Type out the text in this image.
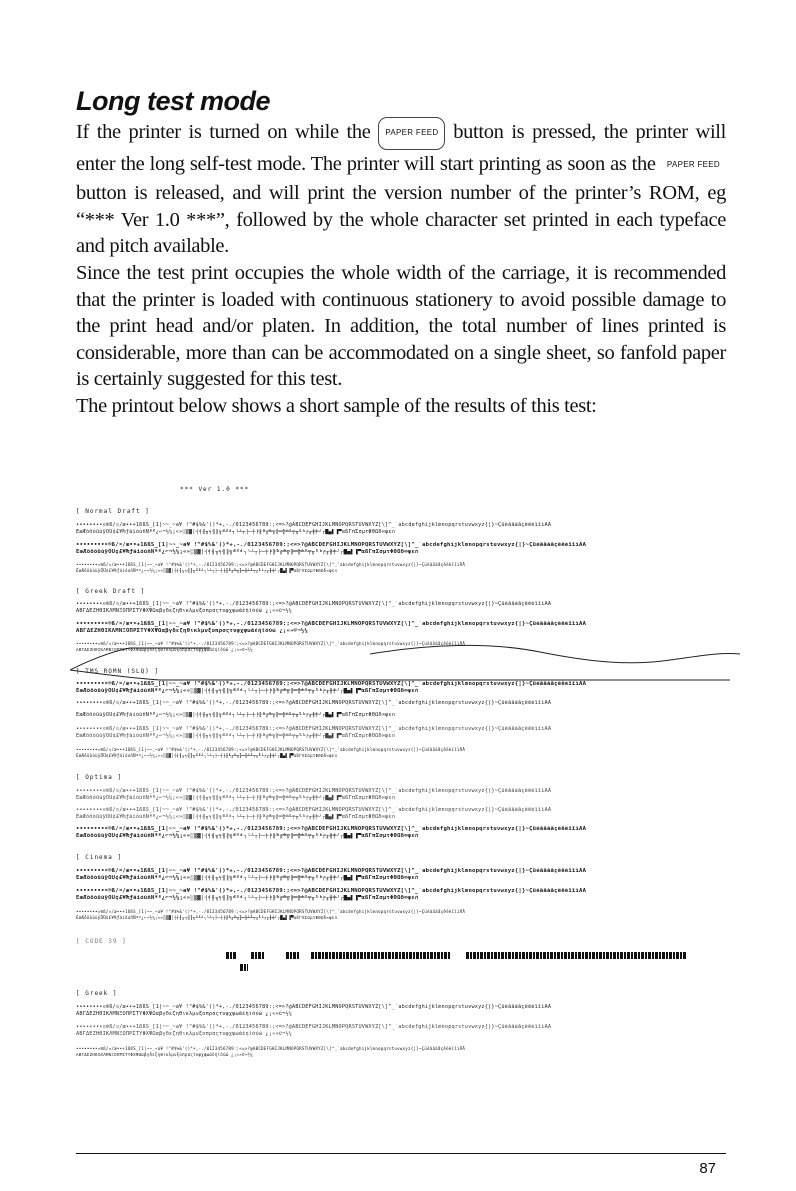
Long test mode

If the printer is turned on while the PAPER FEED button is pressed, the printer will enter the long self-test mode. The printer will start printing as soon as the PAPER FEED button is released, and will print the version number of the printer’s ROM, eg “*** Ver 1.0 ***”, followed by the whole character set printed in each typeface and pitch available.

Since the test print occupies the whole width of the carriage, it is recommended that the printer is loaded with continuous stationery to avoid possible damage to the print head and/or platen. In addition, the total number of lines printed is considerable, more than can be accommodated on a single sheet, so fanfold paper is certainly suggested for this test.

The printout below shows a short sample of the results of this test:

*** Ver 1.0 ***
[ Normal Draft ]
••••••••¤®ß/¤/æ••+1ßßS_[1|~~_~a¥ !"#$%&'()*+,-./0123456789:;<=>?@ABCDEFGHIJKLMNOPQRSTUVWXYZ[\]^_`abcdefghijklmnopqrstuvwxyz{|}~ÇüéâäàåçêëèïîìÄÅ
ÉæÆôöòûùÿÖÜ¢£¥₧ƒáíóúñÑªº¿⌐¬½¼¡«»░▒▓│┤╡╢╖╕╣║╗╝╜╛┐└┴┬├─┼╞╟╚╔╩╦╠═╬╧╨╤╥╙╘╒╓╫╪┘┌█▄▌▐▀αßΓπΣσµτΦΘΩδ∞φε∩
••••••••¤®ß/¤/æ••+1ßßS_[1|~~_~a¥ !"#$%&'()*+,-./0123456789:;<=>?@ABCDEFGHIJKLMNOPQRSTUVWXYZ[\]^_`abcdefghijklmnopqrstuvwxyz{|}~ÇüéâäàåçêëèïîìÄÅ
ÉæÆôöòûùÿÖÜ¢£¥₧ƒáíóúñÑªº¿⌐¬½¼¡«»░▒▓│┤╡╢╖╕╣║╗╝╜╛┐└┴┬├─┼╞╟╚╔╩╦╠═╬╧╨╤╥╙╘╒╓╫╪┘┌█▄▌▐▀αßΓπΣσµτΦΘΩδ∞φε∩
••••••••¤®ß/¤/æ••+1ßßS_[1|~~_~a¥ !"#$%&'()*+,-./0123456789:;<=>?@ABCDEFGHIJKLMNOPQRSTUVWXYZ[\]^_`abcdefghijklmnopqrstuvwxyz{|}~ÇüéâäàåçêëèïîìÄÅ
ÉæÆôöòûùÿÖÜ¢£¥₧ƒáíóúñÑªº¿⌐¬½¼¡«»░▒▓│┤╡╢╖╕╣║╗╝╜╛┐└┴┬├─┼╞╟╚╔╩╦╠═╬╧╨╤╥╙╘╒╓╫╪┘┌█▄▌▐▀αßΓπΣσµτΦΘΩδ∞φε∩
[ Greek Draft ]
••••••••¤®ß/¤/æ••+1ßßS_[1|~~_~a¥ !"#$%&'()*+,-./0123456789:;<=>?@ABCDEFGHIJKLMNOPQRSTUVWXYZ[\]^_`abcdefghijklmnopqrstuvwxyz{|}~ÇüéâäàåçêëèïîìÄÅ
ΑΒΓΔΕΖΗΘΙΚΛΜΝΞΟΠΡΣΤΥΦΧΨΩαβγδεζηθικλμνξοπρσςτυφχψωάέήίόύώ ¿¡«»©¬½¼
••••••••¤®ß/¤/æ••+1ßßS_[1|~~_~a¥ !"#$%&'()*+,-./0123456789:;<=>?@ABCDEFGHIJKLMNOPQRSTUVWXYZ[\]^_`abcdefghijklmnopqrstuvwxyz{|}~ÇüéâäàåçêëèïîìÄÅ
ΑΒΓΔΕΖΗΘΙΚΛΜΝΞΟΠΡΣΤΥΦΧΨΩαβγδεζηθικλμνξοπρσςτυφχψωάέήίόύώ ¿¡«»©¬½¼
••••••••¤®ß/¤/æ••+1ßßS_[1|~~_~a¥ !"#$%&'()*+,-./0123456789:;<=>?@ABCDEFGHIJKLMNOPQRSTUVWXYZ[\]^_`abcdefghijklmnopqrstuvwxyz{|}~ÇüéâäàåçêëèïîìÄÅ
ΑΒΓΔΕΖΗΘΙΚΛΜΝΞΟΠΡΣΤΥΦΧΨΩαβγδεζηθικλμνξοπρσςτυφχψωάέήίόύώ ¿¡«»©¬½¼
[ TMS ROMN (SLQ) ]
••••••••¤®ß/¤/æ••+1ßßS_[1|~~_~a¥ !"#$%&'()*+,-./0123456789:;<=>?@ABCDEFGHIJKLMNOPQRSTUVWXYZ[\]^_`abcdefghijklmnopqrstuvwxyz{|}~ÇüéâäàåçêëèïîìÄÅ
ÉæÆôöòûùÿÖÜ¢£¥₧ƒáíóúñÑªº¿⌐¬½¼¡«»░▒▓│┤╡╢╖╕╣║╗╝╜╛┐└┴┬├─┼╞╟╚╔╩╦╠═╬╧╨╤╥╙╘╒╓╫╪┘┌█▄▌▐▀αßΓπΣσµτΦΘΩδ∞φε∩
••••••••¤®ß/¤/æ••+1ßßS_[1|~~_~a¥ !"#$%&'()*+,-./0123456789:;<=>?@ABCDEFGHIJKLMNOPQRSTUVWXYZ[\]^_`abcdefghijklmnopqrstuvwxyz{|}~ÇüéâäàåçêëèïîìÄÅ
ÉæÆôöòûùÿÖÜ¢£¥₧ƒáíóúñÑªº¿⌐¬½¼¡«»░▒▓│┤╡╢╖╕╣║╗╝╜╛┐└┴┬├─┼╞╟╚╔╩╦╠═╬╧╨╤╥╙╘╒╓╫╪┘┌█▄▌▐▀αßΓπΣσµτΦΘΩδ∞φε∩
••••••••¤®ß/¤/æ••+1ßßS_[1|~~_~a¥ !"#$%&'()*+,-./0123456789:;<=>?@ABCDEFGHIJKLMNOPQRSTUVWXYZ[\]^_`abcdefghijklmnopqrstuvwxyz{|}~ÇüéâäàåçêëèïîìÄÅ
ÉæÆôöòûùÿÖÜ¢£¥₧ƒáíóúñÑªº¿⌐¬½¼¡«»░▒▓│┤╡╢╖╕╣║╗╝╜╛┐└┴┬├─┼╞╟╚╔╩╦╠═╬╧╨╤╥╙╘╒╓╫╪┘┌█▄▌▐▀αßΓπΣσµτΦΘΩδ∞φε∩
••••••••¤®ß/¤/æ••+1ßßS_[1|~~_~a¥ !"#$%&'()*+,-./0123456789:;<=>?@ABCDEFGHIJKLMNOPQRSTUVWXYZ[\]^_`abcdefghijklmnopqrstuvwxyz{|}~ÇüéâäàåçêëèïîìÄÅ
ÉæÆôöòûùÿÖÜ¢£¥₧ƒáíóúñÑªº¿⌐¬½¼¡«»░▒▓│┤╡╢╖╕╣║╗╝╜╛┐└┴┬├─┼╞╟╚╔╩╦╠═╬╧╨╤╥╙╘╒╓╫╪┘┌█▄▌▐▀αßΓπΣσµτΦΘΩδ∞φε∩
[ Optima ]
••••••••¤®ß/¤/æ••+1ßßS_[1|~~_~a¥ !"#$%&'()*+,-./0123456789:;<=>?@ABCDEFGHIJKLMNOPQRSTUVWXYZ[\]^_`abcdefghijklmnopqrstuvwxyz{|}~ÇüéâäàåçêëèïîìÄÅ
ÉæÆôöòûùÿÖÜ¢£¥₧ƒáíóúñÑªº¿⌐¬½¼¡«»░▒▓│┤╡╢╖╕╣║╗╝╜╛┐└┴┬├─┼╞╟╚╔╩╦╠═╬╧╨╤╥╙╘╒╓╫╪┘┌█▄▌▐▀αßΓπΣσµτΦΘΩδ∞φε∩
••••••••¤®ß/¤/æ••+1ßßS_[1|~~_~a¥ !"#$%&'()*+,-./0123456789:;<=>?@ABCDEFGHIJKLMNOPQRSTUVWXYZ[\]^_`abcdefghijklmnopqrstuvwxyz{|}~ÇüéâäàåçêëèïîìÄÅ
ÉæÆôöòûùÿÖÜ¢£¥₧ƒáíóúñÑªº¿⌐¬½¼¡«»░▒▓│┤╡╢╖╕╣║╗╝╜╛┐└┴┬├─┼╞╟╚╔╩╦╠═╬╧╨╤╥╙╘╒╓╫╪┘┌█▄▌▐▀αßΓπΣσµτΦΘΩδ∞φε∩
••••••••¤®ß/¤/æ••+1ßßS_[1|~~_~a¥ !"#$%&'()*+,-./0123456789:;<=>?@ABCDEFGHIJKLMNOPQRSTUVWXYZ[\]^_`abcdefghijklmnopqrstuvwxyz{|}~ÇüéâäàåçêëèïîìÄÅ
ÉæÆôöòûùÿÖÜ¢£¥₧ƒáíóúñÑªº¿⌐¬½¼¡«»░▒▓│┤╡╢╖╕╣║╗╝╜╛┐└┴┬├─┼╞╟╚╔╩╦╠═╬╧╨╤╥╙╘╒╓╫╪┘┌█▄▌▐▀αßΓπΣσµτΦΘΩδ∞φε∩
[ Cinema ]
••••••••¤®ß/¤/æ••+1ßßS_[1|~~_~a¥ !"#$%&'()*+,-./0123456789:;<=>?@ABCDEFGHIJKLMNOPQRSTUVWXYZ[\]^_`abcdefghijklmnopqrstuvwxyz{|}~ÇüéâäàåçêëèïîìÄÅ
ÉæÆôöòûùÿÖÜ¢£¥₧ƒáíóúñÑªº¿⌐¬½¼¡«»░▒▓│┤╡╢╖╕╣║╗╝╜╛┐└┴┬├─┼╞╟╚╔╩╦╠═╬╧╨╤╥╙╘╒╓╫╪┘┌█▄▌▐▀αßΓπΣσµτΦΘΩδ∞φε∩
••••••••¤®ß/¤/æ••+1ßßS_[1|~~_~a¥ !"#$%&'()*+,-./0123456789:;<=>?@ABCDEFGHIJKLMNOPQRSTUVWXYZ[\]^_`abcdefghijklmnopqrstuvwxyz{|}~ÇüéâäàåçêëèïîìÄÅ
ÉæÆôöòûùÿÖÜ¢£¥₧ƒáíóúñÑªº¿⌐¬½¼¡«»░▒▓│┤╡╢╖╕╣║╗╝╜╛┐└┴┬├─┼╞╟╚╔╩╦╠═╬╧╨╤╥╙╘╒╓╫╪┘┌█▄▌▐▀αßΓπΣσµτΦΘΩδ∞φε∩
••••••••¤®ß/¤/æ••+1ßßS_[1|~~_~a¥ !"#$%&'()*+,-./0123456789:;<=>?@ABCDEFGHIJKLMNOPQRSTUVWXYZ[\]^_`abcdefghijklmnopqrstuvwxyz{|}~ÇüéâäàåçêëèïîìÄÅ
ÉæÆôöòûùÿÖÜ¢£¥₧ƒáíóúñÑªº¿⌐¬½¼¡«»░▒▓│┤╡╢╖╕╣║╗╝╜╛┐└┴┬├─┼╞╟╚╔╩╦╠═╬╧╨╤╥╙╘╒╓╫╪┘┌█▄▌▐▀αßΓπΣσµτΦΘΩδ∞φε∩
[ CODE 39 ]
[ Greek ]
••••••••¤®ß/¤/æ••+1ßßS_[1|~~_~a¥ !"#$%&'()*+,-./0123456789:;<=>?@ABCDEFGHIJKLMNOPQRSTUVWXYZ[\]^_`abcdefghijklmnopqrstuvwxyz{|}~ÇüéâäàåçêëèïîìÄÅ
ΑΒΓΔΕΖΗΘΙΚΛΜΝΞΟΠΡΣΤΥΦΧΨΩαβγδεζηθικλμνξοπρσςτυφχψωάέήίόύώ ¿¡«»©¬½¼
••••••••¤®ß/¤/æ••+1ßßS_[1|~~_~a¥ !"#$%&'()*+,-./0123456789:;<=>?@ABCDEFGHIJKLMNOPQRSTUVWXYZ[\]^_`abcdefghijklmnopqrstuvwxyz{|}~ÇüéâäàåçêëèïîìÄÅ
ΑΒΓΔΕΖΗΘΙΚΛΜΝΞΟΠΡΣΤΥΦΧΨΩαβγδεζηθικλμνξοπρσςτυφχψωάέήίόύώ ¿¡«»©¬½¼
••••••••¤®ß/¤/æ••+1ßßS_[1|~~_~a¥ !"#$%&'()*+,-./0123456789:;<=>?@ABCDEFGHIJKLMNOPQRSTUVWXYZ[\]^_`abcdefghijklmnopqrstuvwxyz{|}~ÇüéâäàåçêëèïîìÄÅ
ΑΒΓΔΕΖΗΘΙΚΛΜΝΞΟΠΡΣΤΥΦΧΨΩαβγδεζηθικλμνξοπρσςτυφχψωάέήίόύώ ¿¡«»©¬½¼
87
